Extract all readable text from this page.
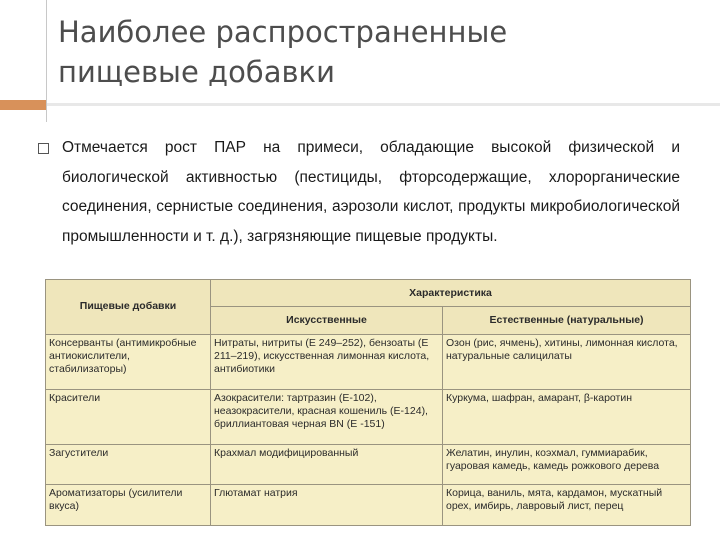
Наиболее распространенные
пищевые добавки

Отмечается рост ПАР на примеси, обладающие высокой физической и биологической активностью (пестициды, фторсодержащие, хлорорганические соединения, сернистые соединения, аэрозоли кислот, продукты микробиологической промышленности и т. д.), загрязняющие пищевые продукты.

Пищевые добавки	Характеристика	
	Искусственные	Естественные (натуральные)
Консерванты (антимикробные антиокислители, стабилизаторы)	Нитраты, нитриты (Е 249–252), бензоаты (Е 211–219), искусственная лимонная кислота, антибиотики	Озон (рис, ячмень), хитины, лимонная кислота, натуральные салицилаты
Красители	Азокрасители: тартразин (Е-102), неазокрасители, красная кошениль (Е-124), бриллиантовая черная BN (Е -151)	Куркума, шафран, амарант, β-каротин
Загустители	Крахмал модифицированный	Желатин, инулин, коэхмал, гуммиарабик, гуаровая камедь, камедь рожкового дерева
Ароматизаторы (усилители вкуса)	Глютамат натрия	Корица, ваниль, мята, кардамон, мускатный орех, имбирь, лавровый лист, перец
